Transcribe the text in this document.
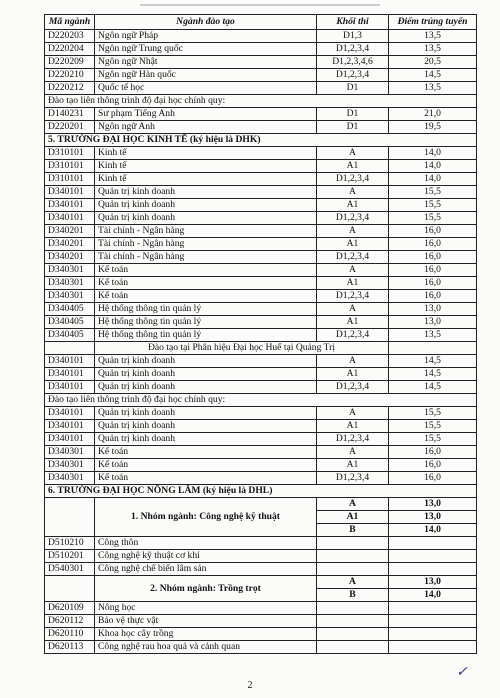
Mã ngành	Ngành đào tạo	Khối thi	Điểm trúng tuyển
D220203	Ngôn ngữ Pháp	D1,3	13,5
D220204	Ngôn ngữ Trung quốc	D1,2,3,4	13,5
D220209	Ngôn ngữ Nhật	D1,2,3,4,6	20,5
D220210	Ngôn ngữ Hàn quốc	D1,2,3,4	14,5
D220212	Quốc tế học	D1	13,5
Đào tạo liên thông trình độ đại học chính quy:			
D140231	Sư phạm Tiếng Anh	D1	21,0
D220201	Ngôn ngữ Anh	D1	19,5
5. TRƯỜNG ĐẠI HỌC KINH TẾ (ký hiệu là DHK)			
D310101	Kinh tế	A	14,0
D310101	Kinh tế	A1	14,0
D310101	Kinh tế	D1,2,3,4	14,0
D340101	Quản trị kinh doanh	A	15,5
D340101	Quản trị kinh doanh	A1	15,5
D340101	Quản trị kinh doanh	D1,2,3,4	15,5
D340201	Tài chính - Ngân hàng	A	16,0
D340201	Tài chính - Ngân hàng	A1	16,0
D340201	Tài chính - Ngân hàng	D1,2,3,4	16,0
D340301	Kế toán	A	16,0
D340301	Kế toán	A1	16,0
D340301	Kế toán	D1,2,3,4	16,0
D340405	Hệ thống thông tin quản lý	A	13,0
D340405	Hệ thống thông tin quản lý	A1	13,0
D340405	Hệ thống thông tin quản lý	D1,2,3,4	13,5
	Đào tạo tại Phân hiệu Đại học Huế tại Quảng Trị		
D340101	Quản trị kinh doanh	A	14,5
D340101	Quản trị kinh doanh	A1	14,5
D340101	Quản trị kinh doanh	D1,2,3,4	14,5
Đào tạo liên thông trình độ đại học chính quy:			
D340101	Quản trị kinh doanh	A	15,5
D340101	Quản trị kinh doanh	A1	15,5
D340101	Quản trị kinh doanh	D1,2,3,4	15,5
D340301	Kế toán	A	16,0
D340301	Kế toán	A1	16,0
D340301	Kế toán	D1,2,3,4	16,0
6. TRƯỜNG ĐẠI HỌC NÔNG LÂM (ký hiệu là DHL)			
	1. Nhóm ngành: Công nghệ kỹ thuật	A	13,0
		A1	13,0
		B	14,0
D510210	Công thôn		
D510201	Công nghệ kỹ thuật cơ khí		
D540301	Công nghệ chế biến lâm sản		
	2. Nhóm ngành: Trồng trọt	A	13,0
		B	14,0
D620109	Nông học		
D620112	Bảo vệ thực vật		
D620110	Khoa học cây trồng		
D620113	Công nghệ rau hoa quả và cảnh quan		
2
✓
